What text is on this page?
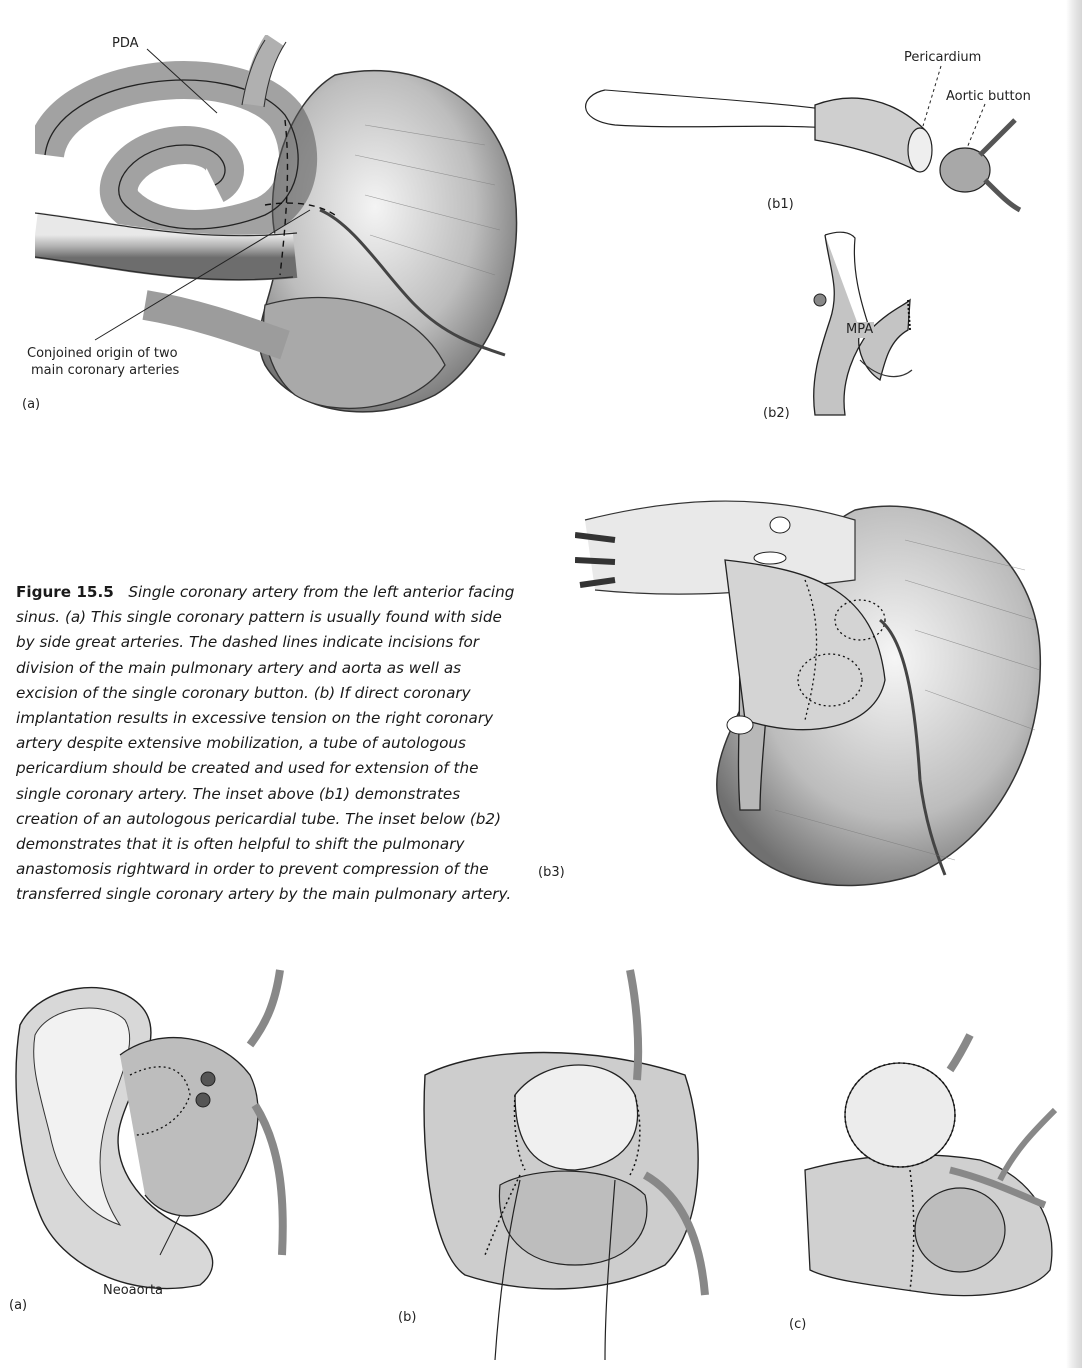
PDA
Conjoined origin of two
main coronary arteries
(a)
Pericardium
Aortic button
(b1)
MPA
(b2)
(b3)
Figure 15.5 Single coronary artery from the left anterior facing sinus. (a) This single coronary pattern is usually found with side by side great arteries. The dashed lines indicate incisions for division of the main pulmonary artery and aorta as well as excision of the single coronary button. (b) If direct coronary implantation results in excessive tension on the right coronary artery despite extensive mobilization, a tube of autologous pericardium should be created and used for extension of the single coronary artery. The inset above (b1) demonstrates creation of an autologous pericardial tube. The inset below (b2) demonstrates that it is often helpful to shift the pulmonary anastomosis rightward in order to prevent compression of the transferred single coronary artery by the main pulmonary artery.
Neoaorta
(a)
(b)	(c)
